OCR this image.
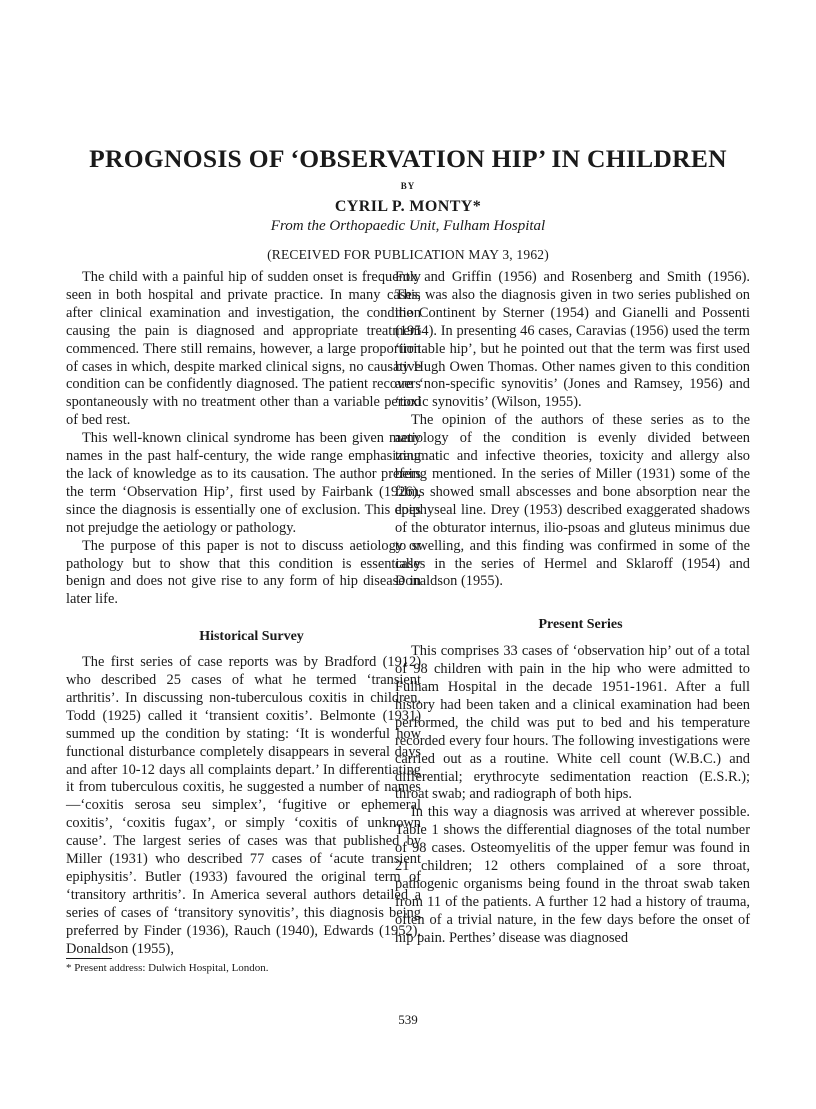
PROGNOSIS OF ‘OBSERVATION HIP’ IN CHILDREN
BY
CYRIL P. MONTY*
From the Orthopaedic Unit, Fulham Hospital
(RECEIVED FOR PUBLICATION MAY 3, 1962)

The child with a painful hip of sudden onset is frequently seen in both hospital and private practice. In many cases, after clinical examination and investigation, the condition causing the pain is diagnosed and appropriate treatment commenced. There still remains, however, a large proportion of cases in which, despite marked clinical signs, no causative condition can be confidently diagnosed. The patient recovers spontaneously with no treatment other than a variable period of bed rest.

This well-known clinical syndrome has been given many names in the past half-century, the wide range emphasizing the lack of knowledge as to its causation. The author prefers the term ‘Observation Hip’, first used by Fairbank (1926), since the diagnosis is essentially one of exclusion. This does not prejudge the aetiology or pathology.

The purpose of this paper is not to discuss aetiology or pathology but to show that this condition is essentially benign and does not give rise to any form of hip disease in later life.

Historical Survey

The first series of case reports was by Bradford (1912) who described 25 cases of what he termed ‘transient arthritis’. In discussing non-tuberculous coxitis in children, Todd (1925) called it ‘transient coxitis’. Belmonte (1931) summed up the condition by stating: ‘It is wonderful how functional disturbance completely disappears in several days and after 10-12 days all complaints depart.’ In differentiating it from tuberculous coxitis, he suggested a number of names—‘coxitis serosa seu simplex’, ‘fugitive or ephemeral coxitis’, ‘coxitis fugax’, or simply ‘coxitis of unknown cause’. The largest series of cases was that published by Miller (1931) who described 77 cases of ‘acute transient epiphysitis’. Butler (1933) favoured the original term of ‘transitory arthritis’. In America several authors detailed a series of cases of ‘transitory synovitis’, this diagnosis being preferred by Finder (1936), Rauch (1940), Edwards (1952), Donaldson (1955),

Fox and Griffin (1956) and Rosenberg and Smith (1956). This was also the diagnosis given in two series published on the Continent by Sterner (1954) and Gianelli and Possenti (1954). In presenting 46 cases, Caravias (1956) used the term ‘irritable hip’, but he pointed out that the term was first used by Hugh Owen Thomas. Other names given to this condition are ‘non-specific synovitis’ (Jones and Ramsey, 1956) and ‘toxic synovitis’ (Wilson, 1955).

The opinion of the authors of these series as to the aetiology of the condition is evenly divided between traumatic and infective theories, toxicity and allergy also being mentioned. In the series of Miller (1931) some of the films showed small abscesses and bone absorption near the epiphyseal line. Drey (1953) described exaggerated shadows of the obturator internus, ilio-psoas and gluteus minimus due to swelling, and this finding was confirmed in some of the cases in the series of Hermel and Sklaroff (1954) and Donaldson (1955).

Present Series

This comprises 33 cases of ‘observation hip’ out of a total of 98 children with pain in the hip who were admitted to Fulham Hospital in the decade 1951-1961. After a full history had been taken and a clinical examination had been performed, the child was put to bed and his temperature recorded every four hours. The following investigations were carried out as a routine. White cell count (W.B.C.) and differential; erythrocyte sedimentation reaction (E.S.R.); throat swab; and radiograph of both hips.

In this way a diagnosis was arrived at wherever possible. Table 1 shows the differential diagnoses of the total number of 98 cases. Osteomyelitis of the upper femur was found in 21 children; 12 others complained of a sore throat, pathogenic organisms being found in the throat swab taken from 11 of the patients. A further 12 had a history of trauma, often of a trivial nature, in the few days before the onset of hip pain. Perthes’ disease was diagnosed

* Present address: Dulwich Hospital, London.
539
